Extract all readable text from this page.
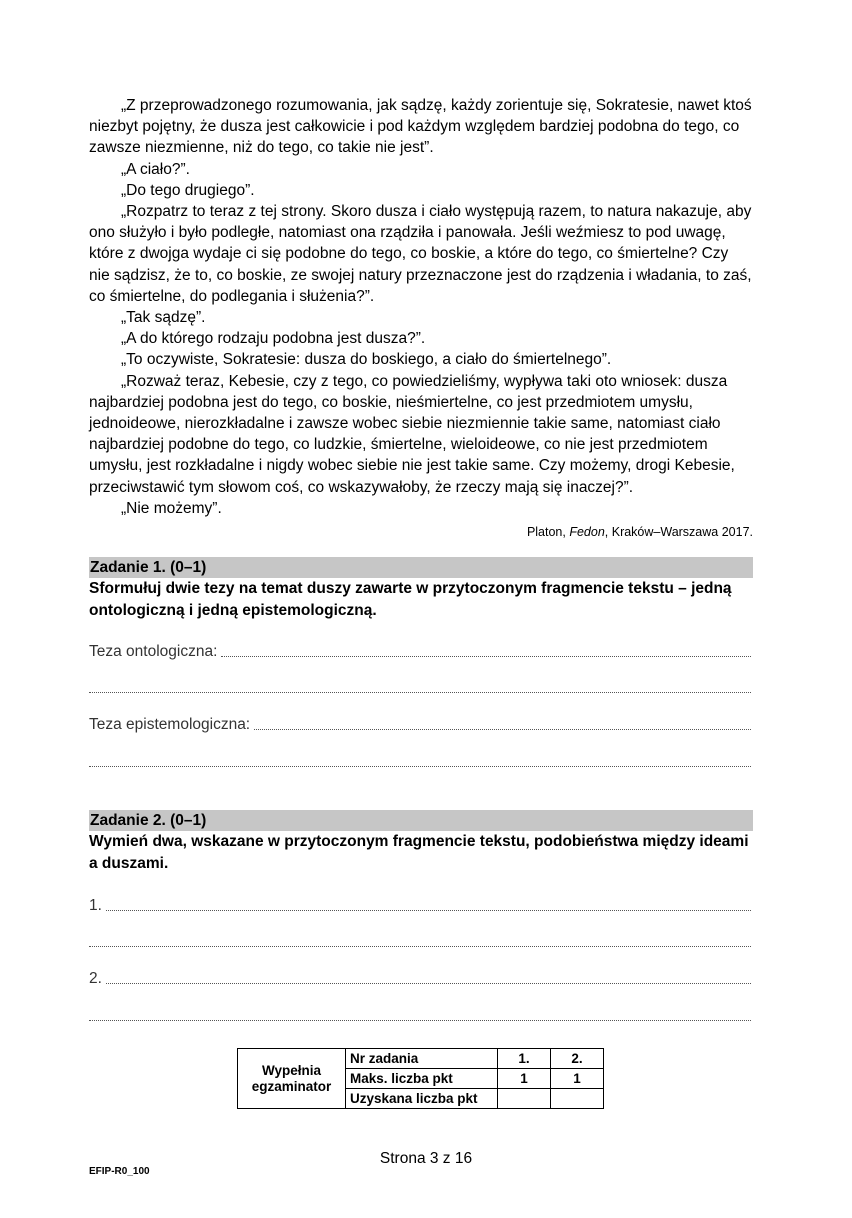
„Z przeprowadzonego rozumowania, jak sądzę, każdy zorientuje się, Sokratesie, nawet ktoś niezbyt pojętny, że dusza jest całkowicie i pod każdym względem bardziej podobna do tego, co zawsze niezmienne, niż do tego, co takie nie jest”.

„A ciało?”.

„Do tego drugiego”.

„Rozpatrz to teraz z tej strony. Skoro dusza i ciało występują razem, to natura nakazuje, aby ono służyło i było podległe, natomiast ona rządziła i panowała. Jeśli weźmiesz to pod uwagę, które z dwojga wydaje ci się podobne do tego, co boskie, a które do tego, co śmiertelne? Czy nie sądzisz, że to, co boskie, ze swojej natury przeznaczone jest do rządzenia i władania, to zaś, co śmiertelne, do podlegania i służenia?”.

„Tak sądzę”.

„A do którego rodzaju podobna jest dusza?”.

„To oczywiste, Sokratesie: dusza do boskiego, a ciało do śmiertelnego”.

„Rozważ teraz, Kebesie, czy z tego, co powiedzieliśmy, wypływa taki oto wniosek: dusza najbardziej podobna jest do tego, co boskie, nieśmiertelne, co jest przedmiotem umysłu, jednoideowe, nierozkładalne i zawsze wobec siebie niezmiennie takie same, natomiast ciało najbardziej podobne do tego, co ludzkie, śmiertelne, wieloideowe, co nie jest przedmiotem umysłu, jest rozkładalne i nigdy wobec siebie nie jest takie same. Czy możemy, drogi Kebesie, przeciwstawić tym słowom coś, co wskazywałoby, że rzeczy mają się inaczej?”.

„Nie możemy”.

Platon, Fedon, Kraków–Warszawa 2017.

Zadanie 1. (0–1)
Sformułuj dwie tezy na temat duszy zawarte w przytoczonym fragmencie tekstu – jedną ontologiczną i jedną epistemologiczną.
Teza ontologiczna:
Teza epistemologiczna:
Zadanie 2. (0–1)
Wymień dwa, wskazane w przytoczonym fragmencie tekstu, podobieństwa między ideami a duszami.
1.
2.
Wypełnia egzaminator	Nr zadania	1.	2.
	Maks. liczba pkt	1	1
	Uzyskana liczba pkt		
Strona 3 z 16
EFIP-R0_100
